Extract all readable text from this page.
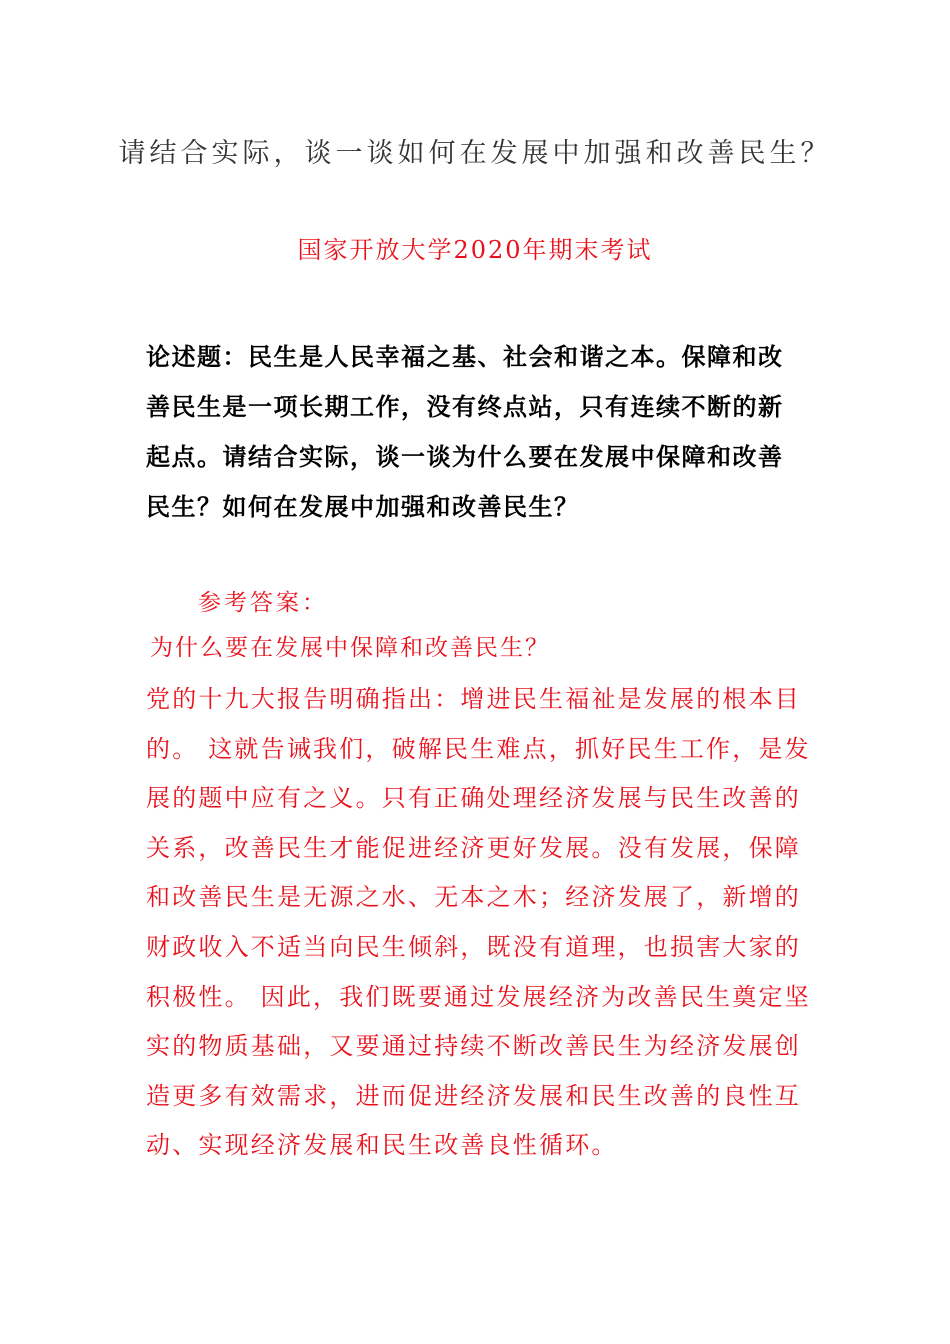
请结合实际，谈一谈如何在发展中加强和改善民生？
国家开放大学2020年期末考试
论述题：民生是人民幸福之基、社会和谐之本。保障和改
善民生是一项长期工作，没有终点站，只有连续不断的新
起点。请结合实际，谈一谈为什么要在发展中保障和改善
民生？如何在发展中加强和改善民生？
参考答案：
为什么要在发展中保障和改善民生？
党的十九大报告明确指出：增进民生福祉是发展的根本目
的。 这就告诫我们，破解民生难点，抓好民生工作，是发
展的题中应有之义。只有正确处理经济发展与民生改善的
关系，改善民生才能促进经济更好发展。没有发展，保障
和改善民生是无源之水、无本之木；经济发展了，新增的
财政收入不适当向民生倾斜，既没有道理，也损害大家的
积极性。 因此，我们既要通过发展经济为改善民生奠定坚
实的物质基础，又要通过持续不断改善民生为经济发展创
造更多有效需求，进而促进经济发展和民生改善的良性互
动、实现经济发展和民生改善良性循环。
